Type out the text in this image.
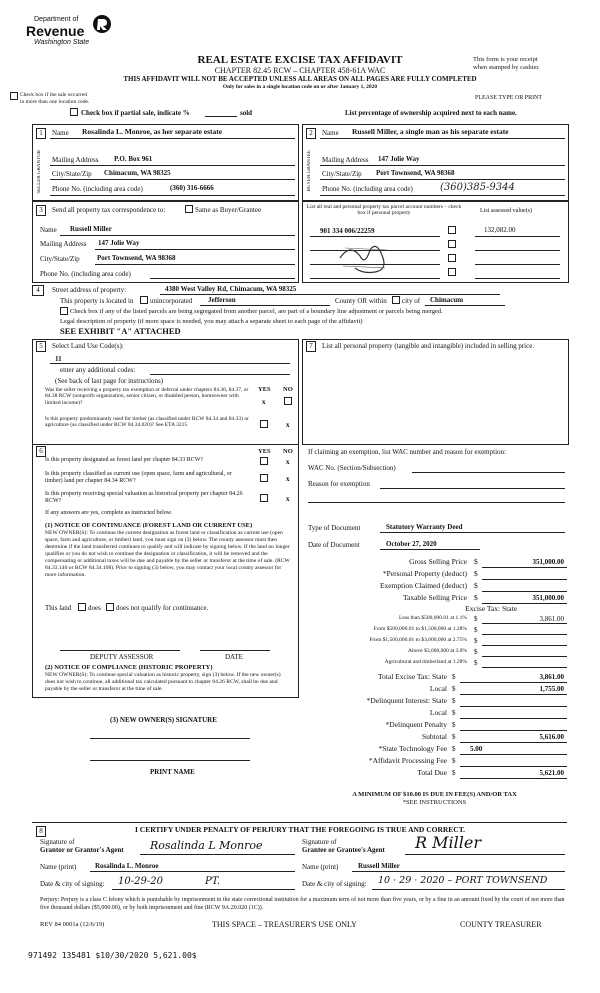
Department of
Revenue
Washington State
REAL ESTATE EXCISE TAX AFFIDAVIT
CHAPTER 82.45 RCW – CHAPTER 458-61A WAC
THIS AFFIDAVIT WILL NOT BE ACCEPTED UNLESS ALL AREAS ON ALL PAGES ARE FULLY COMPLETED
Only for sales in a single location code on or after January 1, 2020
This form is your receipt
when stamped by cashier.
PLEASE TYPE OR PRINT
Check box if the sale occurred
in more than one location code.
Check box if partial sale, indicate %	sold	List percentage of ownership acquired next to each name.
1	Name Rosalinda L. Monroe, as her separate estate
SELLER GRANTOR	Mailing Address P.O. Box 961
City/State/Zip Chimacum, WA 98325
Phone No. (including area code)	(360) 316-6666
2	Name Russell Miller, a single man as his separate estate
BUYER GRANTEE	Mailing Address 147 Jolie Way
City/State/Zip Port Townsend, WA 98368
Phone No. (including area code)	(360)385-9344
3	Send all property tax correspondence to:	Same as Buyer/Grantee
Name Russell Miller
Mailing Address 147 Jolie Way
City/State/Zip Port Townsend, WA 98368
Phone No. (including area code)
List all real and personal property tax parcel account numbers – check box if personal property	List assessed value(s)
901 334 006/22259	132,082.00
4	Street address of property:	4380 West Valley Rd, Chimacum, WA 98325
This property is located in unincorporated Jefferson	County OR within city of Chimacum
Check box if any of the listed parcels are being segregated from another parcel, are part of a boundary line adjustment or parcels being merged.
Legal description of property (if more space is needed, you may attach a separate sheet to each page of the affidavit)
SEE EXHIBIT "A" ATTACHED
5	Select Land Use Code(s):
11
enter any additional codes:
(See back of last page for instructions)
YES NO
Was the seller receiving a property tax exemption or deferral under chapters 84.36, 84.37, or 84.38 RCW (nonprofit organization, senior citizen, or disabled person, homeowner with limited income)?	x
Is this property predominantly used for timber (as classified under RCW 84.34 and 84.33) or agriculture (as classified under RCW 84.34.020)? See ETA 3215	x
6	YES NO
Is this property designated as forest land per chapter 84.33 RCW?	x
Is this property classified as current use (open space, farm and agricultural, or timber) land per chapter 84.34 RCW?	x
Is this property receiving special valuation as historical property per chapter 84.26 RCW?	x
If any answers are yes, complete as instructed below.
(1) NOTICE OF CONTINUANCE (FOREST LAND OR CURRENT USE)
NEW OWNER(S): To continue the current designation as forest land or classification as current use (open space, farm and agriculture, or timber) land, you must sign on (3) below. The county assessor must then determine if the land transferred continues to qualify and will indicate by signing below. If the land no longer qualifies or you do not wish to continue the designation or classification, it will be removed and the compensating or additional taxes will be due and payable by the seller or transferor at the time of sale. (RCW 84.33.140 or RCW 84.34.108). Prior to signing (3) below, you may contact your local county assessor for more information.
This land does does not qualify for continuance.
DEPUTY ASSESSOR	DATE
(2) NOTICE OF COMPLIANCE (HISTORIC PROPERTY)
NEW OWNER(S): To continue special valuation as historic property, sign (3) below. If the new owner(s) does not wish to continue, all additional tax calculated pursuant to chapter 84.26 RCW, shall be due and payable by the seller or transferor at the time of sale.
(3) NEW OWNER(S) SIGNATURE
PRINT NAME
7	List all personal property (tangible and intangible) included in selling price.
If claiming an exemption, list WAC number and reason for exemption:
WAC No. (Section/Subsection)
Reason for exemption
Type of Document	Statutory Warranty Deed
Date of Document	October 27, 2020
Gross Selling Price $	351,000.00
*Personal Property (deduct) $
Exemption Claimed (deduct) $
Taxable Selling Price $	351,000.00
Excise Tax: State
Less than $500,000.01 at 1.1% $	3,861.00
From $500,000.01 to $1,500,000 at 1.28% $
From $1,500,000.01 to $3,000,000 at 2.75% $
Above $3,000,000 at 3.0% $
Agricultural and timberland at 1.28% $
Total Excise Tax: State $	3,861.00
Local $	1,755.00
*Delinquent Interest: State $
Local $
*Delinquent Penalty $
Subtotal $	5,616.00
*State Technology Fee $ 5.00
*Affidavit Processing Fee $
Total Due $	5,621.00
A MINIMUM OF $10.00 IS DUE IN FEE(S) AND/OR TAX
*SEE INSTRUCTIONS
8	I CERTIFY UNDER PENALTY OF PERJURY THAT THE FOREGOING IS TRUE AND CORRECT.
Signature of
Grantor or Grantor's Agent Rosalinda L Monroe	Signature of
Grantee or Grantee's Agent R Miller
Name (print)	Rosalinda L. Monroe	Name (print)	Russell Miller
Date & city of signing: 10-29-20	PT.	Date & city of signing: 10 · 29 · 2020 – PORT TOWNSEND
Perjury: Perjury is a class C felony which is punishable by imprisonment in the state correctional institution for a maximum term of not more than five years, or by a fine in an amount fixed by the court of not more than five thousand dollars ($5,000.00), or by both imprisonment and fine (RCW 9A.20.020 (1C)).
REV 84 0001a (12/6/19)	THIS SPACE – TREASURER'S USE ONLY	COUNTY TREASURER
971492 135481 $10/30/2020 5,621.00$
